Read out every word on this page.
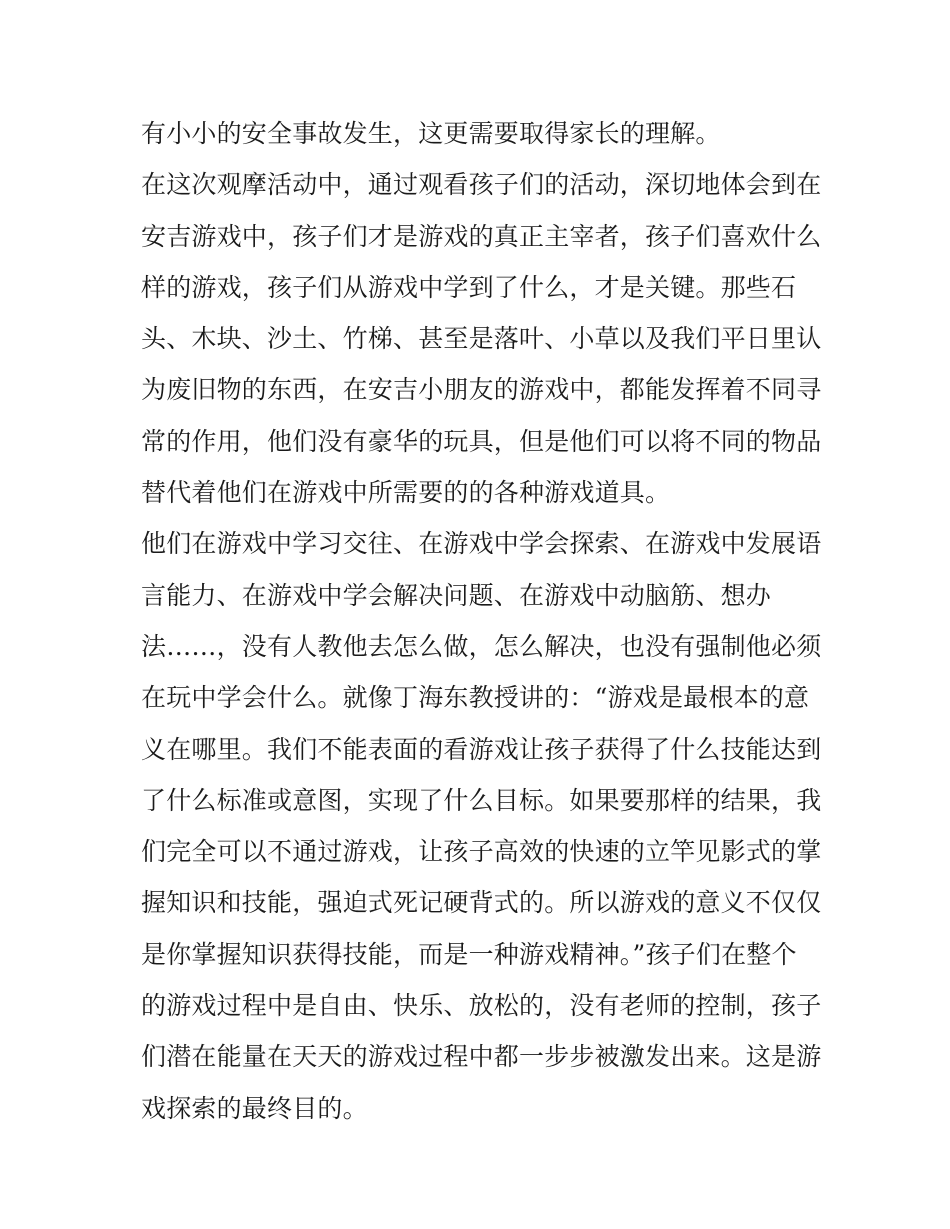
有小小的安全事故发生，这更需要取得家长的理解。
在这次观摩活动中，通过观看孩子们的活动，深切地体会到在
安吉游戏中，孩子们才是游戏的真正主宰者，孩子们喜欢什么
样的游戏，孩子们从游戏中学到了什么，才是关键。那些石
头、木块、沙土、竹梯、甚至是落叶、小草以及我们平日里认
为废旧物的东西，在安吉小朋友的游戏中，都能发挥着不同寻
常的作用，他们没有豪华的玩具，但是他们可以将不同的物品
替代着他们在游戏中所需要的的各种游戏道具。
他们在游戏中学习交往、在游戏中学会探索、在游戏中发展语
言能力、在游戏中学会解决问题、在游戏中动脑筋、想办
法……，没有人教他去怎么做，怎么解决，也没有强制他必须
在玩中学会什么。就像丁海东教授讲的：“游戏是最根本的意
义在哪里。我们不能表面的看游戏让孩子获得了什么技能达到
了什么标准或意图，实现了什么目标。如果要那样的结果，我
们完全可以不通过游戏，让孩子高效的快速的立竿见影式的掌
握知识和技能，强迫式死记硬背式的。所以游戏的意义不仅仅
是你掌握知识获得技能，而是一种游戏精神。”孩子们在整个
的游戏过程中是自由、快乐、放松的，没有老师的控制，孩子
们潜在能量在天天的游戏过程中都一步步被激发出来。这是游
戏探索的最终目的。
